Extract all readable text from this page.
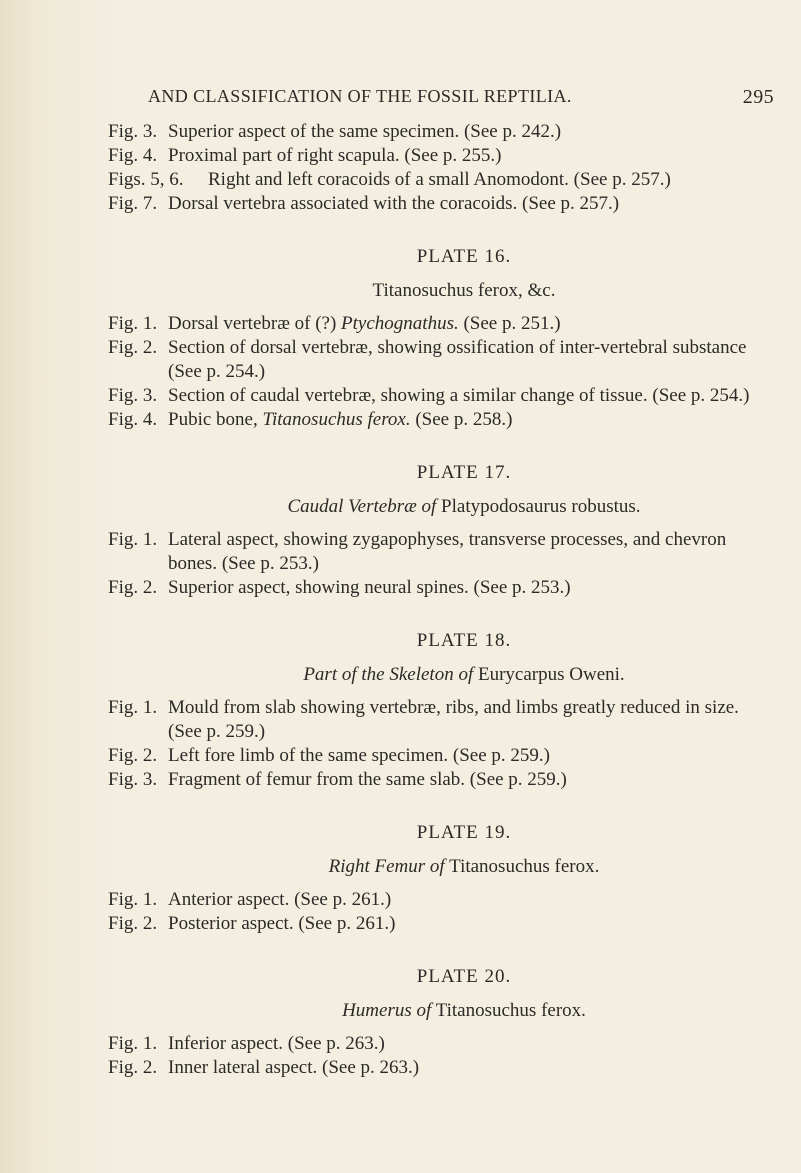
AND CLASSIFICATION OF THE FOSSIL REPTILIA.	295
Fig. 3. Superior aspect of the same specimen. (See p. 242.)
Fig. 4. Proximal part of right scapula. (See p. 255.)
Figs. 5, 6. Right and left coracoids of a small Anomodont. (See p. 257.)
Fig. 7. Dorsal vertebra associated with the coracoids. (See p. 257.)
PLATE 16.
Titanosuchus ferox, &c.
Fig. 1. Dorsal vertebræ of (?) Ptychognathus. (See p. 251.)
Fig. 2. Section of dorsal vertebræ, showing ossification of inter-vertebral substance
(See p. 254.)
Fig. 3. Section of caudal vertebræ, showing a similar change of tissue. (See p. 254.)
Fig. 4. Pubic bone, Titanosuchus ferox. (See p. 258.)
PLATE 17.
Caudal Vertebræ of Platypodosaurus robustus.
Fig. 1. Lateral aspect, showing zygapophyses, transverse processes, and chevron
bones. (See p. 253.)
Fig. 2. Superior aspect, showing neural spines. (See p. 253.)
PLATE 18.
Part of the Skeleton of Eurycarpus Oweni.
Fig. 1. Mould from slab showing vertebræ, ribs, and limbs greatly reduced in size.
(See p. 259.)
Fig. 2. Left fore limb of the same specimen. (See p. 259.)
Fig. 3. Fragment of femur from the same slab. (See p. 259.)
PLATE 19.
Right Femur of Titanosuchus ferox.
Fig. 1. Anterior aspect. (See p. 261.)
Fig. 2. Posterior aspect. (See p. 261.)
PLATE 20.
Humerus of Titanosuchus ferox.
Fig. 1. Inferior aspect. (See p. 263.)
Fig. 2. Inner lateral aspect. (See p. 263.)
